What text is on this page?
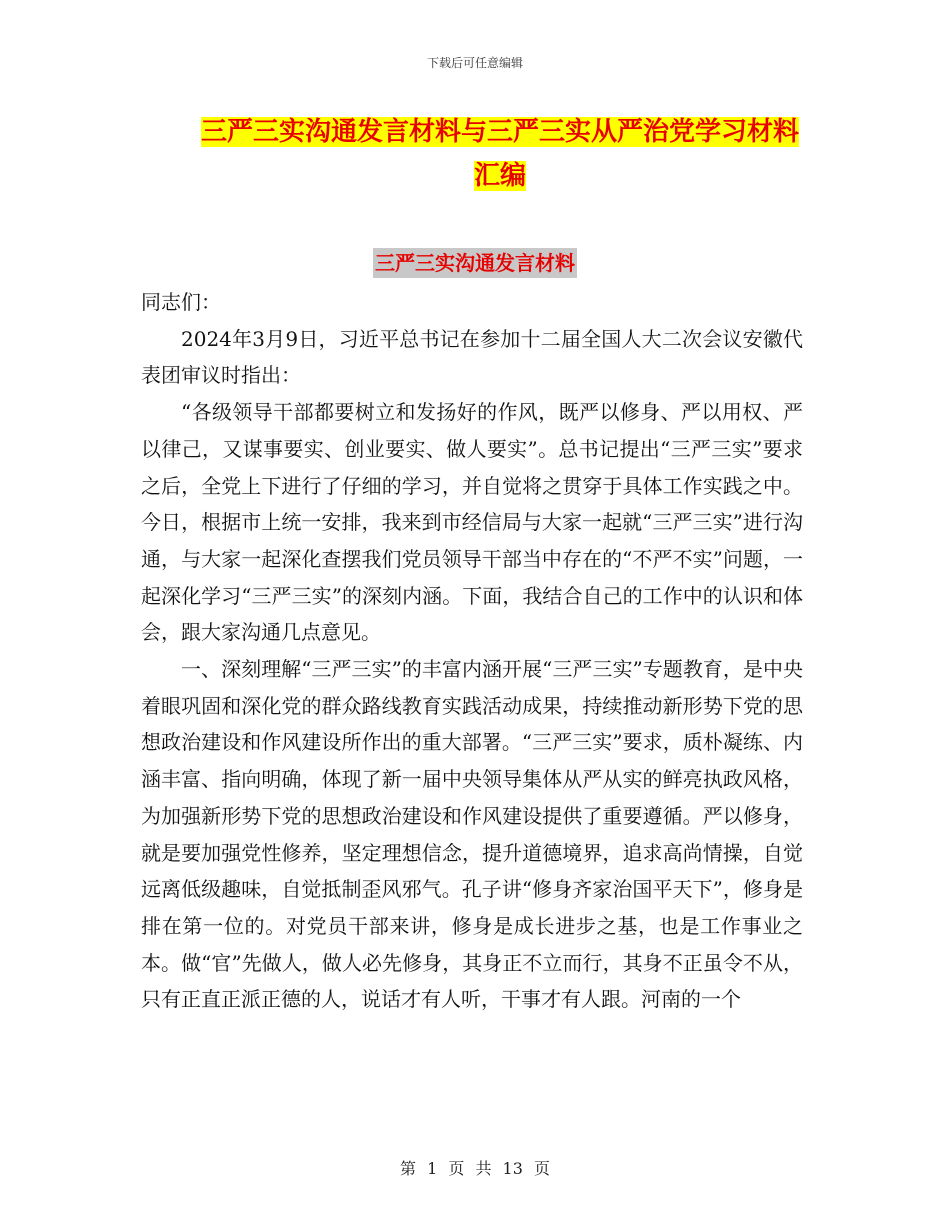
下载后可任意编辑
三严三实沟通发言材料与三严三实从严治党学习材料
汇编
三严三实沟通发言材料

同志们：

2024年3月9日，习近平总书记在参加十二届全国人大二次会议安徽代表团审议时指出：

“各级领导干部都要树立和发扬好的作风，既严以修身、严以用权、严以律己，又谋事要实、创业要实、做人要实”。总书记提出“三严三实”要求之后，全党上下进行了仔细的学习，并自觉将之贯穿于具体工作实践之中。今日，根据市上统一安排，我来到市经信局与大家一起就“三严三实”进行沟通，与大家一起深化查摆我们党员领导干部当中存在的“不严不实”问题，一起深化学习“三严三实”的深刻内涵。下面，我结合自己的工作中的认识和体会，跟大家沟通几点意见。

一、深刻理解“三严三实”的丰富内涵开展“三严三实”专题教育，是中央着眼巩固和深化党的群众路线教育实践活动成果，持续推动新形势下党的思想政治建设和作风建设所作出的重大部署。“三严三实”要求，质朴凝练、内涵丰富、指向明确，体现了新一届中央领导集体从严从实的鲜亮执政风格，为加强新形势下党的思想政治建设和作风建设提供了重要遵循。严以修身，就是要加强党性修养，坚定理想信念，提升道德境界，追求高尚情操，自觉远离低级趣味，自觉抵制歪风邪气。孔子讲“修身齐家治国平天下”，修身是排在第一位的。对党员干部来讲，修身是成长进步之基，也是工作事业之本。做“官”先做人，做人必先修身，其身正不立而行，其身不正虽令不从，只有正直正派正德的人，说话才有人听，干事才有人跟。河南的一个

第 1 页 共 13 页
